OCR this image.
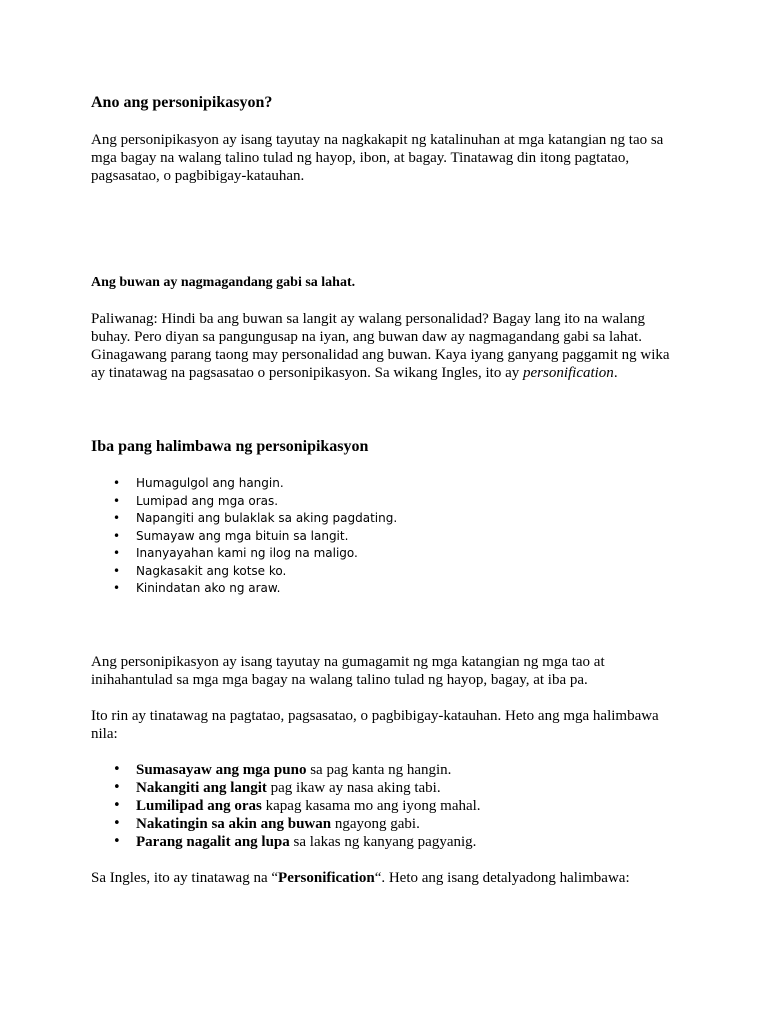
Ano ang personipikasyon?

Ang personipikasyon ay isang tayutay na nagkakapit ng katalinuhan at mga katangian ng tao sa mga bagay na walang talino tulad ng hayop, ibon, at bagay. Tinatawag din itong pagtatao, pagsasatao, o pagbibigay-katauhan.

Ang buwan ay nagmagandang gabi sa lahat.

Paliwanag: Hindi ba ang buwan sa langit ay walang personalidad? Bagay lang ito na walang buhay. Pero diyan sa pangungusap na iyan, ang buwan daw ay nagmagandang gabi sa lahat. Ginagawang parang taong may personalidad ang buwan. Kaya iyang ganyang paggamit ng wika ay tinatawag na pagsasatao o personipikasyon. Sa wikang Ingles, ito ay personification.

Iba pang halimbawa ng personipikasyon
• Humagulgol ang hangin.
• Lumipad ang mga oras.
• Napangiti ang bulaklak sa aking pagdating.
• Sumayaw ang mga bituin sa langit.
• Inanyayahan kami ng ilog na maligo.
• Nagkasakit ang kotse ko.
• Kinindatan ako ng araw.

Ang personipikasyon ay isang tayutay na gumagamit ng mga katangian ng mga tao at inihahantulad sa mga mga bagay na walang talino tulad ng hayop, bagay, at iba pa.

Ito rin ay tinatawag na pagtatao, pagsasatao, o pagbibigay-katauhan. Heto ang mga halimbawa nila:

• Sumasayaw ang mga puno sa pag kanta ng hangin.
• Nakangiti ang langit pag ikaw ay nasa aking tabi.
• Lumilipad ang oras kapag kasama mo ang iyong mahal.
• Nakatingin sa akin ang buwan ngayong gabi.
• Parang nagalit ang lupa sa lakas ng kanyang pagyanig.

Sa Ingles, ito ay tinatawag na “Personification“. Heto ang isang detalyadong halimbawa:
